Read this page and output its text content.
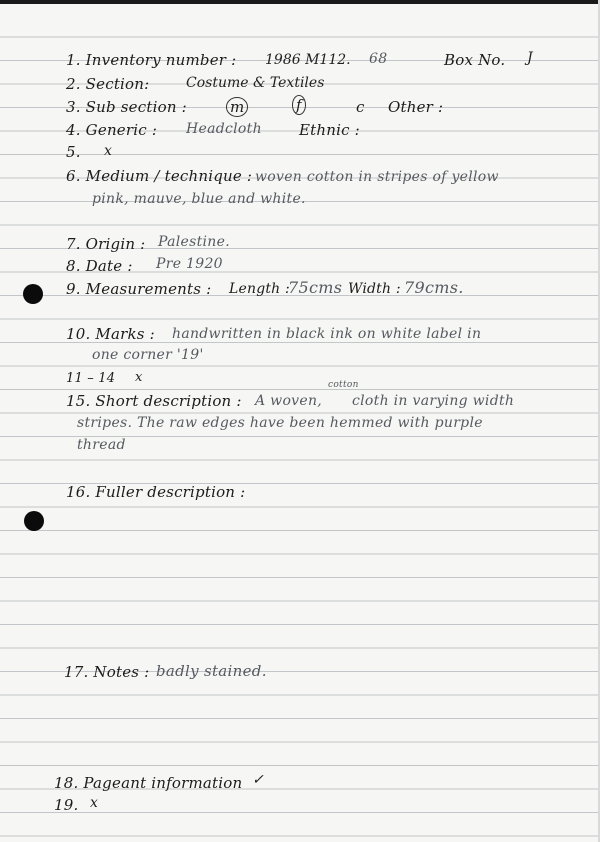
1. Inventory number : 1986 M112. 68	Box No. J
2. Section:	Costume & Textiles
3. Sub section :	m	f	c Other :
4. Generic : Headcloth Ethnic :
5. x
6. Medium / technique : woven cotton in stripes of yellow
pink, mauve, blue and white.
7. Origin : Palestine.
8. Date : Pre 1920
9. Measurements : Length :
75cms Width : 79cms.
10. Marks : handwritten in black ink on white label in
one corner '19'
11 – 14 x
15. Short description : A woven,
cotton
cloth in varying width
stripes. The raw edges have been hemmed with purple
thread
16. Fuller description :
17. Notes : badly stained.
18. Pageant information ✓
19. x
